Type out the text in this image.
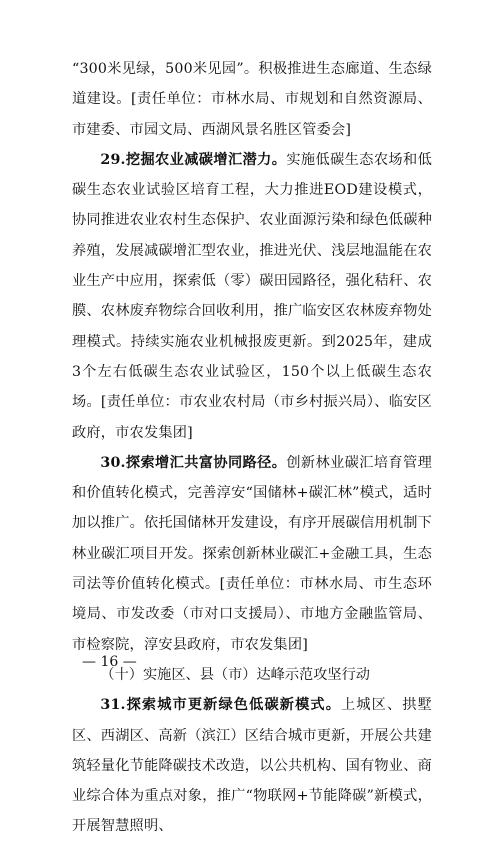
“300米见绿，500米见园”。积极推进生态廊道、生态绿道建设。[责任单位：市林水局、市规划和自然资源局、市建委、市园文局、西湖风景名胜区管委会]

29.挖掘农业减碳增汇潜力。实施低碳生态农场和低碳生态农业试验区培育工程，大力推进EOD建设模式，协同推进农业农村生态保护、农业面源污染和绿色低碳种养殖，发展减碳增汇型农业，推进光伏、浅层地温能在农业生产中应用，探索低（零）碳田园路径，强化秸秆、农膜、农林废弃物综合回收利用，推广临安区农林废弃物处理模式。持续实施农业机械报废更新。到2025年，建成3个左右低碳生态农业试验区，150个以上低碳生态农场。[责任单位：市农业农村局（市乡村振兴局）、临安区政府，市农发集团]

30.探索增汇共富协同路径。创新林业碳汇培育管理和价值转化模式，完善淳安“国储林+碳汇林”模式，适时加以推广。依托国储林开发建设，有序开展碳信用机制下林业碳汇项目开发。探索创新林业碳汇+金融工具，生态司法等价值转化模式。[责任单位：市林水局、市生态环境局、市发改委（市对口支援局）、市地方金融监管局、市检察院，淳安县政府，市农发集团]

（十）实施区、县（市）达峰示范攻坚行动

31.探索城市更新绿色低碳新模式。上城区、拱墅区、西湖区、高新（滨江）区结合城市更新，开展公共建筑轻量化节能降碳技术改造，以公共机构、国有物业、商业综合体为重点对象，推广“物联网+节能降碳”新模式，开展智慧照明、

— 16 —
